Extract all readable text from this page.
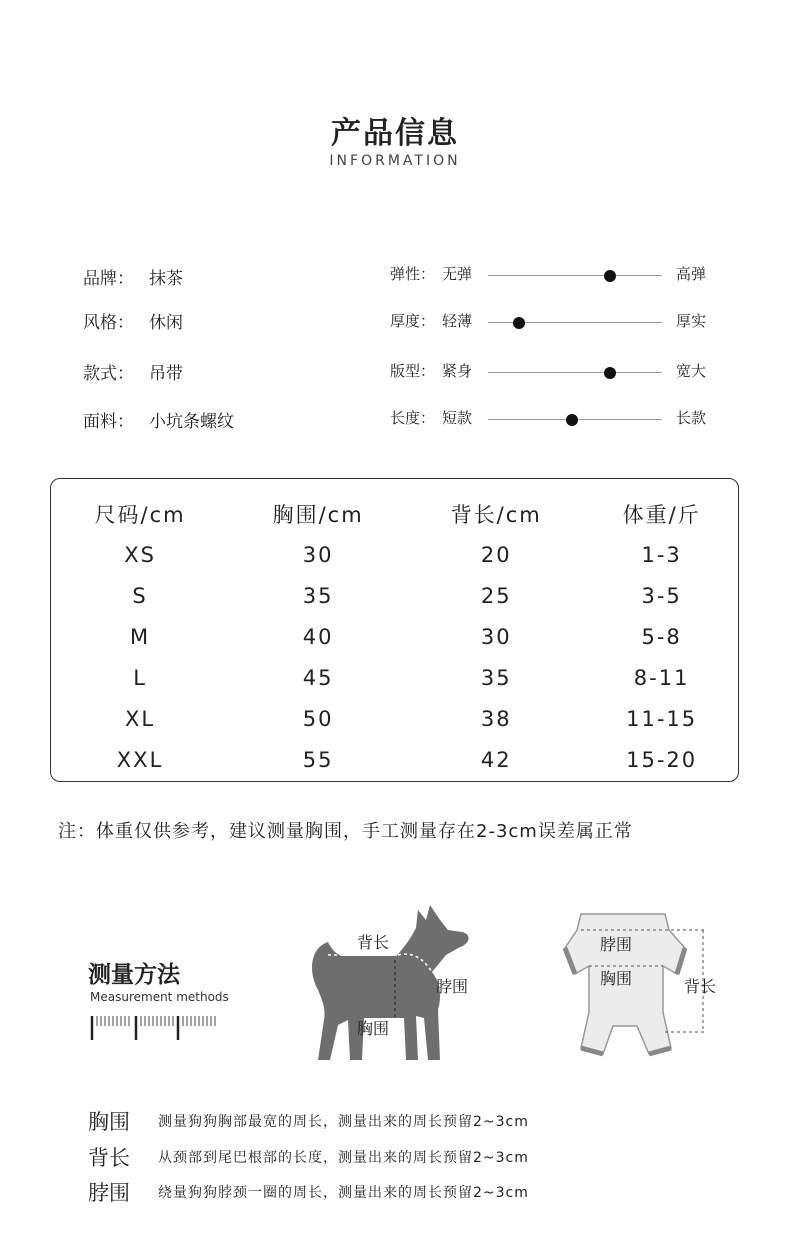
产品信息
INFORMATION
品牌： 抹茶
风格： 休闲
款式： 吊带
面料： 小坑条螺纹
弹性： 无弹	高弹
厚度： 轻薄	厚实
版型： 紧身	宽大
长度： 短款	长款
尺码/cm	胸围/cm	背长/cm	体重/斤
XS	30	20	1-3
S	35	25	3-5
M	40	30	5-8
L	45	35	8-11
XL	50	38	11-15
XXL	55	42	15-20
注：体重仅供参考，建议测量胸围，手工测量存在2-3cm误差属正常
测量方法
Measurement methods
背长
脖围
胸围
脖围
胸围	背长
胸围 测量狗狗胸部最宽的周长，测量出来的周长预留2~3cm
背长 从颈部到尾巴根部的长度，测量出来的周长预留2~3cm
脖围 绕量狗狗脖颈一圈的周长，测量出来的周长预留2~3cm
